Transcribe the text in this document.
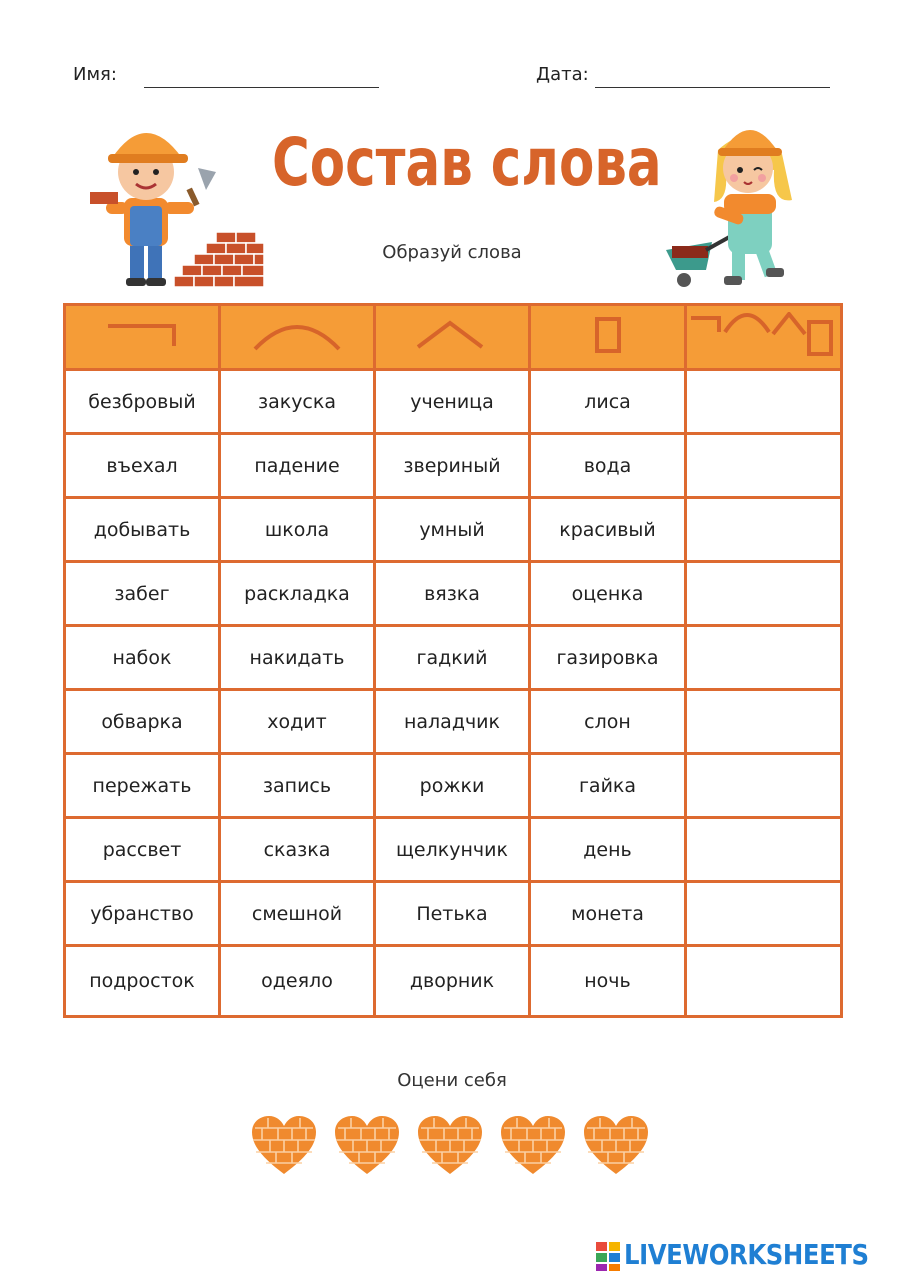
Имя:	Дата:
Состав слова
Образуй слова

безбровый	закуска	ученица	лиса	
въехал	падение	звериный	вода	
добывать	школа	умный	красивый	
забег	раскладка	вязка	оценка	
набок	накидать	гадкий	газировка	
обварка	ходит	наладчик	слон	
пережать	запись	рожки	гайка	
рассвет	сказка	щелкунчик	день	
убранство	смешной	Петька	монета	
подросток	одеяло	дворник	ночь	
Оцени себя
LIVEWORKSHEETS
